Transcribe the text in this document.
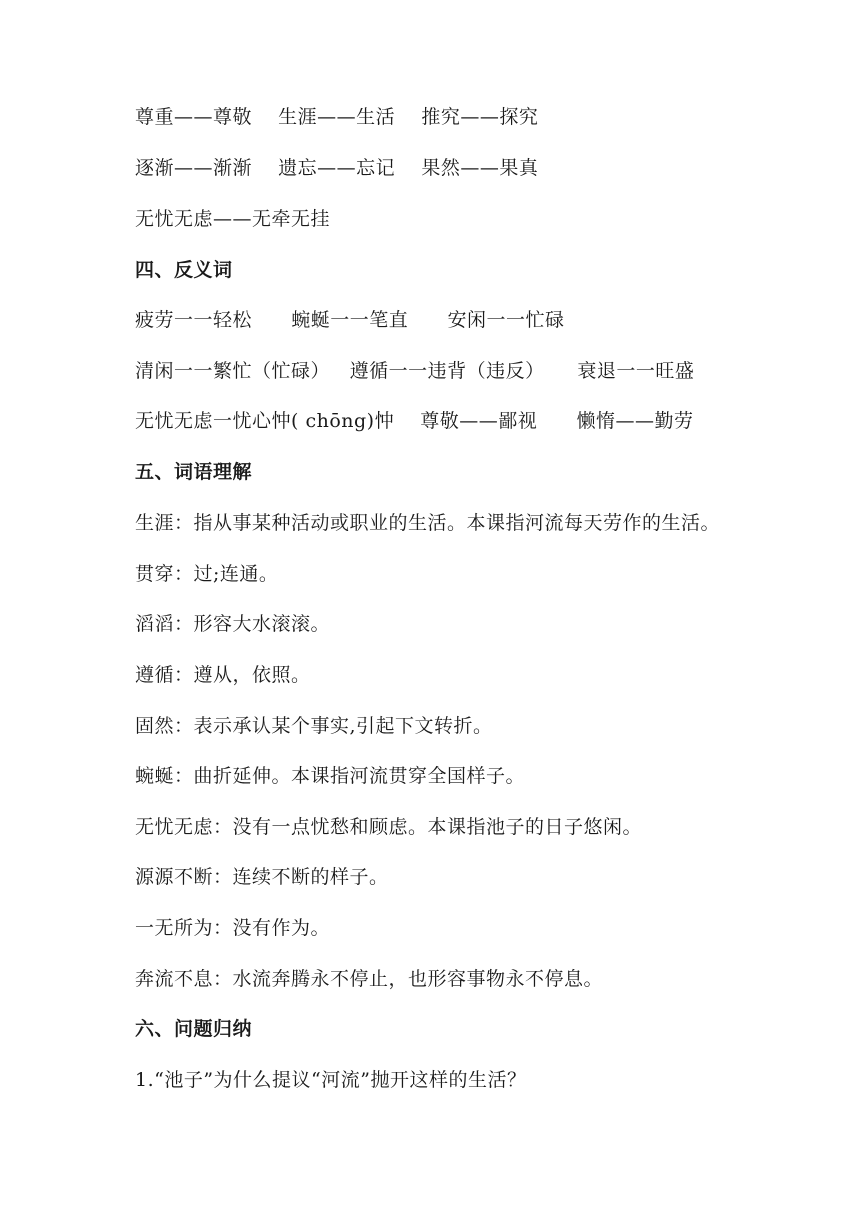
尊重——尊敬    生涯——生活    推究——探究
逐渐——渐渐    遗忘——忘记    果然——果真
无忧无虑——无牵无挂
四、反义词
疲劳一一轻松      蜿蜒一一笔直      安闲一一忙碌
清闲一一繁忙（忙碌）   遵循一一违背（违反）     衰退一一旺盛
无忧无虑一忧心忡( chōng)忡    尊敬——鄙视      懒惰——勤劳
五、词语理解
生涯：指从事某种活动或职业的生活。本课指河流每天劳作的生活。
贯穿：过;连通。
滔滔：形容大水滚滚。
遵循：遵从，依照。
固然：表示承认某个事实,引起下文转折。
蜿蜒：曲折延伸。本课指河流贯穿全国样子。
无忧无虑：没有一点忧愁和顾虑。本课指池子的日子悠闲。
源源不断：连续不断的样子。
一无所为：没有作为。
奔流不息：水流奔腾永不停止，也形容事物永不停息。
六、问题归纳
1.“池子”为什么提议“河流”抛开这样的生活？
